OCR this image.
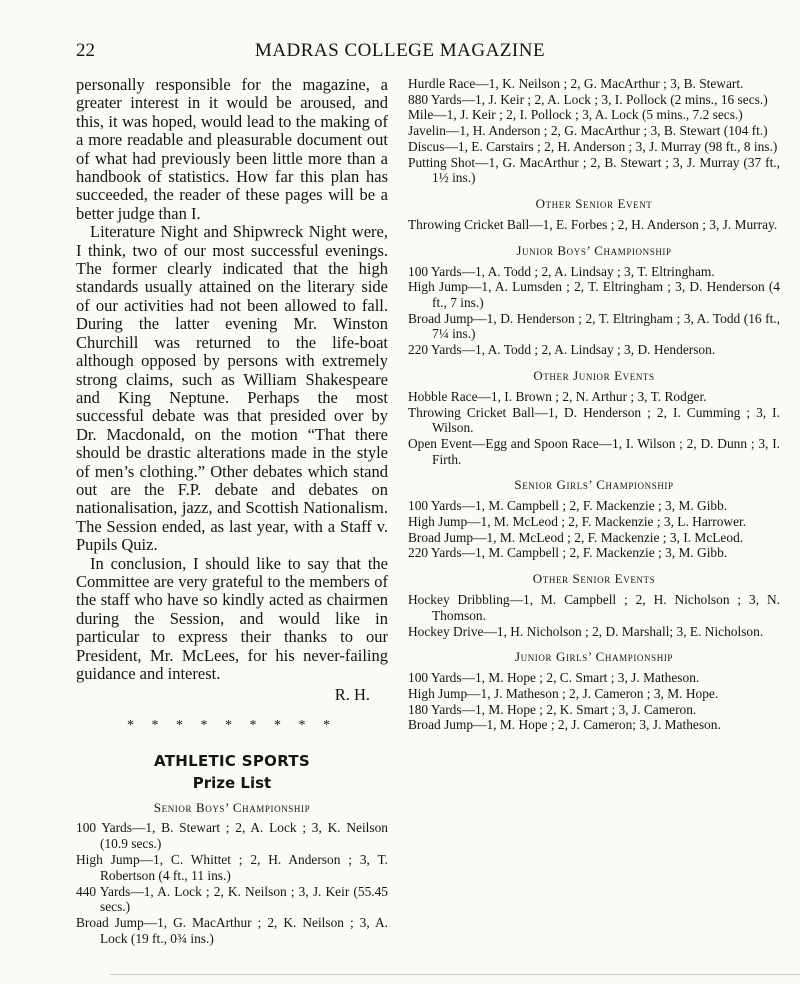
22	MADRAS COLLEGE MAGAZINE

personally responsible for the magazine, a greater interest in it would be aroused, and this, it was hoped, would lead to the making of a more readable and pleasurable document out of what had previously been little more than a handbook of statistics. How far this plan has succeeded, the reader of these pages will be a better judge than I.

Literature Night and Shipwreck Night were, I think, two of our most successful evenings. The former clearly indicated that the high standards usually attained on the literary side of our activities had not been allowed to fall. During the latter evening Mr. Winston Churchill was returned to the life-boat although opposed by persons with extremely strong claims, such as William Shakespeare and King Neptune. Perhaps the most successful debate was that presided over by Dr. Macdonald, on the motion “That there should be drastic alterations made in the style of men’s clothing.” Other debates which stand out are the F.P. debate and debates on nationalisation, jazz, and Scottish Nationalism. The Session ended, as last year, with a Staff v. Pupils Quiz.

In conclusion, I should like to say that the Committee are very grateful to the members of the staff who have so kindly acted as chairmen during the Session, and would like in particular to express their thanks to our President, Mr. McLees, for his never-failing guidance and interest.

R. H.
* * * * * * * * *
ATHLETIC SPORTS
Prize List
Senior Boys’ Championship

100 Yards—1, B. Stewart ; 2, A. Lock ; 3, K. Neilson (10.9 secs.)

High Jump—1, C. Whittet ; 2, H. Anderson ; 3, T. Robertson (4 ft., 11 ins.)

440 Yards—1, A. Lock ; 2, K. Neilson ; 3, J. Keir (55.45 secs.)

Broad Jump—1, G. MacArthur ; 2, K. Neilson ; 3, A. Lock (19 ft., 0¾ ins.)

Hurdle Race—1, K. Neilson ; 2, G. MacArthur ; 3, B. Stewart.

880 Yards—1, J. Keir ; 2, A. Lock ; 3, I. Pollock (2 mins., 16 secs.)

Mile—1, J. Keir ; 2, I. Pollock ; 3, A. Lock (5 mins., 7.2 secs.)

Javelin—1, H. Anderson ; 2, G. MacArthur ; 3, B. Stewart (104 ft.)

Discus—1, E. Carstairs ; 2, H. Anderson ; 3, J. Murray (98 ft., 8 ins.)

Putting Shot—1, G. MacArthur ; 2, B. Stewart ; 3, J. Murray (37 ft., 1½ ins.)

Other Senior Event

Throwing Cricket Ball—1, E. Forbes ; 2, H. Anderson ; 3, J. Murray.

Junior Boys’ Championship

100 Yards—1, A. Todd ; 2, A. Lindsay ; 3, T. Eltringham.

High Jump—1, A. Lumsden ; 2, T. Eltringham ; 3, D. Henderson (4 ft., 7 ins.)

Broad Jump—1, D. Henderson ; 2, T. Eltringham ; 3, A. Todd (16 ft., 7¼ ins.)

220 Yards—1, A. Todd ; 2, A. Lindsay ; 3, D. Henderson.

Other Junior Events

Hobble Race—1, I. Brown ; 2, N. Arthur ; 3, T. Rodger.

Throwing Cricket Ball—1, D. Henderson ; 2, I. Cumming ; 3, I. Wilson.

Open Event—Egg and Spoon Race—1, I. Wilson ; 2, D. Dunn ; 3, I. Firth.

Senior Girls’ Championship

100 Yards—1, M. Campbell ; 2, F. Mackenzie ; 3, M. Gibb.

High Jump—1, M. McLeod ; 2, F. Mackenzie ; 3, L. Harrower.

Broad Jump—1, M. McLeod ; 2, F. Mackenzie ; 3, I. McLeod.

220 Yards—1, M. Campbell ; 2, F. Mackenzie ; 3, M. Gibb.

Other Senior Events

Hockey Dribbling—1, M. Campbell ; 2, H. Nicholson ; 3, N. Thomson.

Hockey Drive—1, H. Nicholson ; 2, D. Marshall; 3, E. Nicholson.

Junior Girls’ Championship

100 Yards—1, M. Hope ; 2, C. Smart ; 3, J. Matheson.

High Jump—1, J. Matheson ; 2, J. Cameron ; 3, M. Hope.

180 Yards—1, M. Hope ; 2, K. Smart ; 3, J. Cameron.

Broad Jump—1, M. Hope ; 2, J. Cameron; 3, J. Matheson.
